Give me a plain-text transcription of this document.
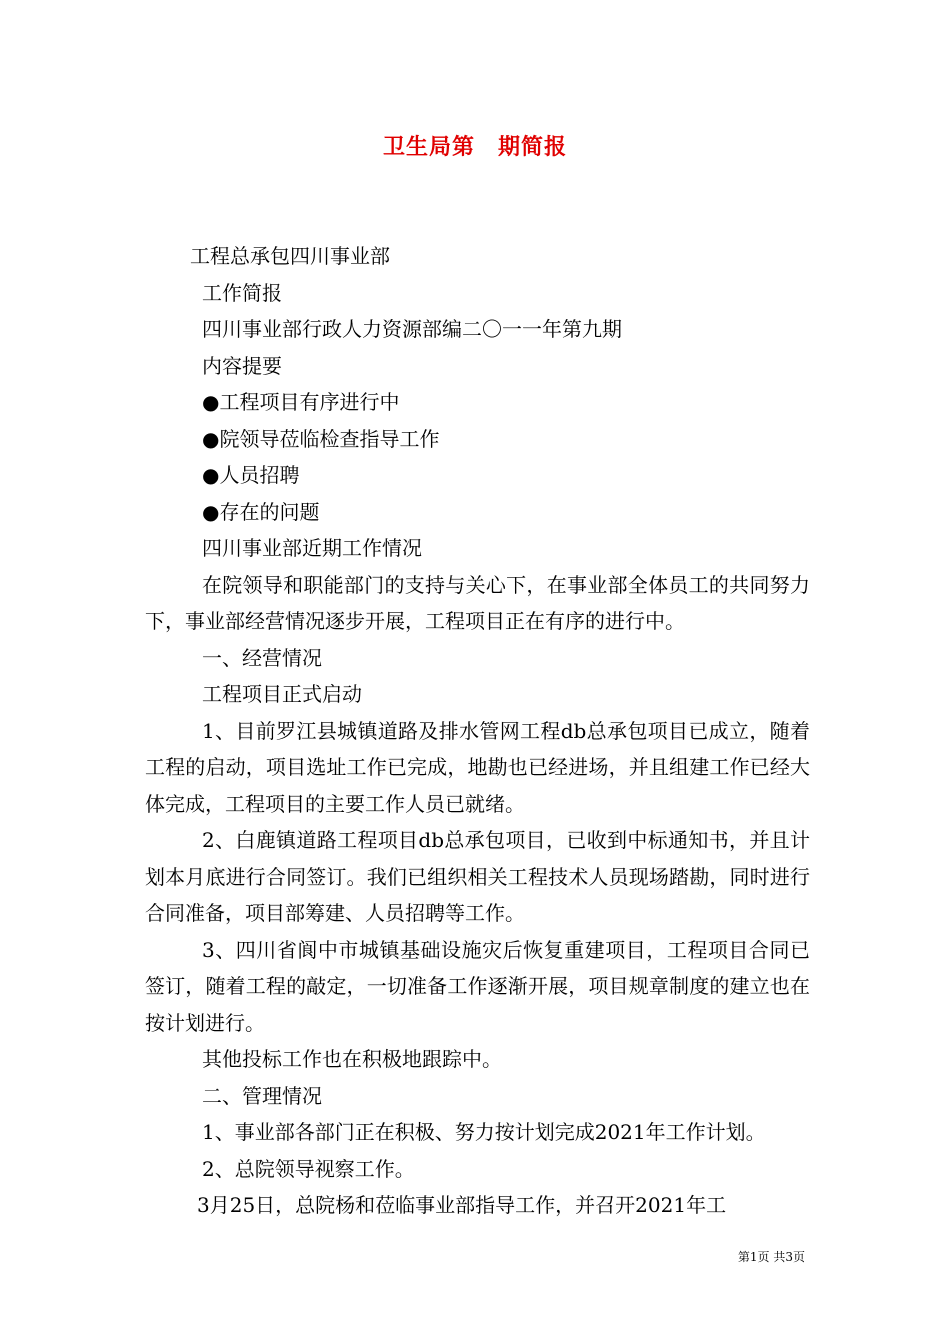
卫生局第　期简报

工程总承包四川事业部

工作简报

四川事业部行政人力资源部编二〇一一年第九期

内容提要

●工程项目有序进行中

●院领导莅临检查指导工作

●人员招聘

●存在的问题

四川事业部近期工作情况

在院领导和职能部门的支持与关心下，在事业部全体员工的共同努力下，事业部经营情况逐步开展，工程项目正在有序的进行中。

一、经营情况

工程项目正式启动

1、目前罗江县城镇道路及排水管网工程db总承包项目已成立，随着工程的启动，项目选址工作已完成，地勘也已经进场，并且组建工作已经大体完成，工程项目的主要工作人员已就绪。

2、白鹿镇道路工程项目db总承包项目，已收到中标通知书，并且计划本月底进行合同签订。我们已组织相关工程技术人员现场踏勘，同时进行合同准备，项目部筹建、人员招聘等工作。

3、四川省阆中市城镇基础设施灾后恢复重建项目，工程项目合同已签订，随着工程的敲定，一切准备工作逐渐开展，项目规章制度的建立也在按计划进行。

其他投标工作也在积极地跟踪中。

二、管理情况

1、事业部各部门正在积极、努力按计划完成2021年工作计划。

2、总院领导视察工作。

3月25日，总院杨和莅临事业部指导工作，并召开2021年工

第1页 共3页
